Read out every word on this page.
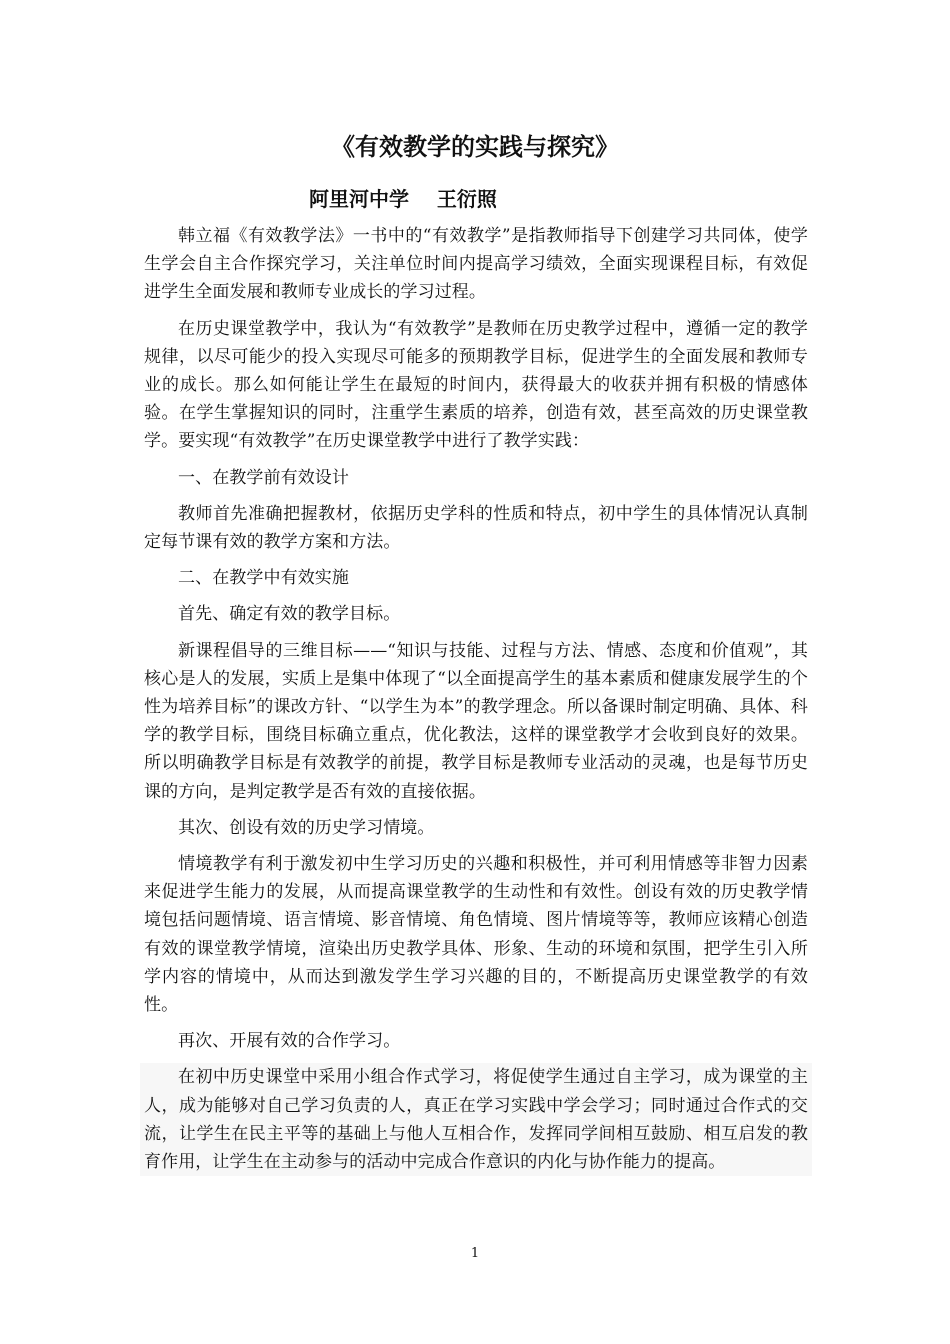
《有效教学的实践与探究》
阿里河中学    王衍照

韩立福《有效教学法》一书中的“有效教学”是指教师指导下创建学习共同体，使学生学会自主合作探究学习，关注单位时间内提高学习绩效，全面实现课程目标，有效促进学生全面发展和教师专业成长的学习过程。

在历史课堂教学中，我认为“有效教学”是教师在历史教学过程中，遵循一定的教学规律，以尽可能少的投入实现尽可能多的预期教学目标，促进学生的全面发展和教师专业的成长。那么如何能让学生在最短的时间内，获得最大的收获并拥有积极的情感体验。在学生掌握知识的同时，注重学生素质的培养，创造有效，甚至高效的历史课堂教学。要实现“有效教学”在历史课堂教学中进行了教学实践：

一、在教学前有效设计

教师首先准确把握教材，依据历史学科的性质和特点，初中学生的具体情况认真制定每节课有效的教学方案和方法。

二、在教学中有效实施

首先、确定有效的教学目标。

新课程倡导的三维目标——“知识与技能、过程与方法、情感、态度和价值观”，其核心是人的发展，实质上是集中体现了“以全面提高学生的基本素质和健康发展学生的个性为培养目标”的课改方针、“以学生为本”的教学理念。所以备课时制定明确、具体、科学的教学目标，围绕目标确立重点，优化教法，这样的课堂教学才会收到良好的效果。所以明确教学目标是有效教学的前提，教学目标是教师专业活动的灵魂，也是每节历史课的方向，是判定教学是否有效的直接依据。

其次、创设有效的历史学习情境。

情境教学有利于激发初中生学习历史的兴趣和积极性，并可利用情感等非智力因素来促进学生能力的发展，从而提高课堂教学的生动性和有效性。创设有效的历史教学情境包括问题情境、语言情境、影音情境、角色情境、图片情境等等，教师应该精心创造有效的课堂教学情境，渲染出历史教学具体、形象、生动的环境和氛围，把学生引入所学内容的情境中，从而达到激发学生学习兴趣的目的，不断提高历史课堂教学的有效性。

再次、开展有效的合作学习。

在初中历史课堂中采用小组合作式学习，将促使学生通过自主学习，成为课堂的主人，成为能够对自己学习负责的人，真正在学习实践中学会学习；同时通过合作式的交流，让学生在民主平等的基础上与他人互相合作，发挥同学间相互鼓励、相互启发的教育作用，让学生在主动参与的活动中完成合作意识的内化与协作能力的提高。

1
